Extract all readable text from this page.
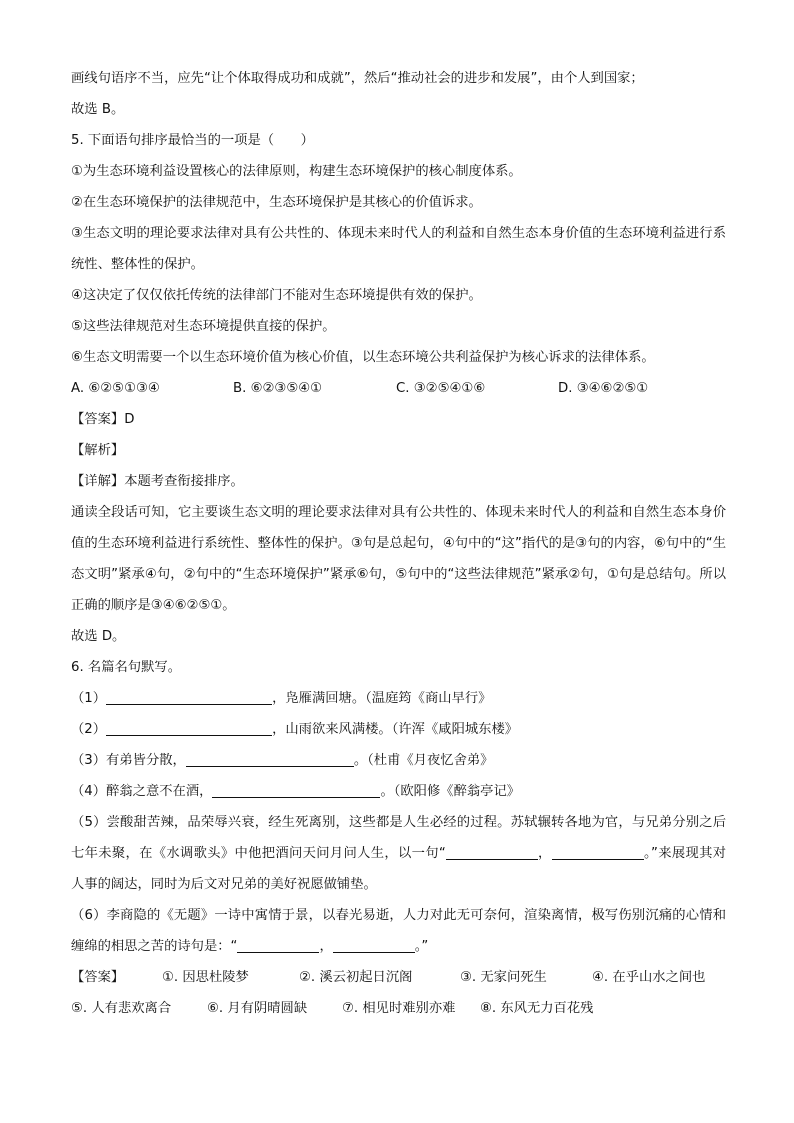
画线句语序不当，应先“让个体取得成功和成就”，然后“推动社会的进步和发展”，由个人到国家；
故选 B。
5. 下面语句排序最恰当的一项是（　　）
①为生态环境利益设置核心的法律原则，构建生态环境保护的核心制度体系。
②在生态环境保护的法律规范中，生态环境保护是其核心的价值诉求。
③生态文明的理论要求法律对具有公共性的、体现未来时代人的利益和自然生态本身价值的生态环境利益进行系统性、整体性的保护。
④这决定了仅仅依托传统的法律部门不能对生态环境提供有效的保护。
⑤这些法律规范对生态环境提供直接的保护。
⑥生态文明需要一个以生态环境价值为核心价值，以生态环境公共利益保护为核心诉求的法律体系。
A. ⑥②⑤①③④	B. ⑥②③⑤④①	C. ③②⑤④①⑥	D. ③④⑥②⑤①
【答案】D
【解析】
【详解】本题考查衔接排序。
通读全段话可知，它主要谈生态文明的理论要求法律对具有公共性的、体现未来时代人的利益和自然生态本身价值的生态环境利益进行系统性、整体性的保护。③句是总起句，④句中的“这”指代的是③句的内容，⑥句中的“生态文明”紧承④句，②句中的“生态环境保护”紧承⑥句，⑤句中的“这些法律规范”紧承②句，①句是总结句。所以正确的顺序是③④⑥②⑤①。
故选 D。
6. 名篇名句默写。
（1）	，凫雁满回塘。（温庭筠《商山早行》
（2）	，山雨欲来风满楼。（许浑《咸阳城东楼》
（3）有弟皆分散，	。（杜甫《月夜忆舍弟》
（4）醉翁之意不在酒，	。（欧阳修《醉翁亭记》
（5）尝酸甜苦辣，品荣辱兴衰，经生死离别，这些都是人生必经的过程。苏轼辗转各地为官，与兄弟分别之后七年未聚，在《水调歌头》中他把酒问天问月问人生，以一句“	，	。”来展现其对人事的阔达，同时为后文对兄弟的美好祝愿做铺垫。
（6）李商隐的《无题》一诗中寓情于景，以春光易逝，人力对此无可奈何，渲染离情，极写伤别沉痛的心情和缠绵的相思之苦的诗句是：“	，	。”
【答案】	①. 因思杜陵梦	②. 溪云初起日沉阁	③. 无家问死生	④. 在乎山水之间也
⑤. 人有悲欢离合	⑥. 月有阴晴圆缺	⑦. 相见时难别亦难	⑧. 东风无力百花残
